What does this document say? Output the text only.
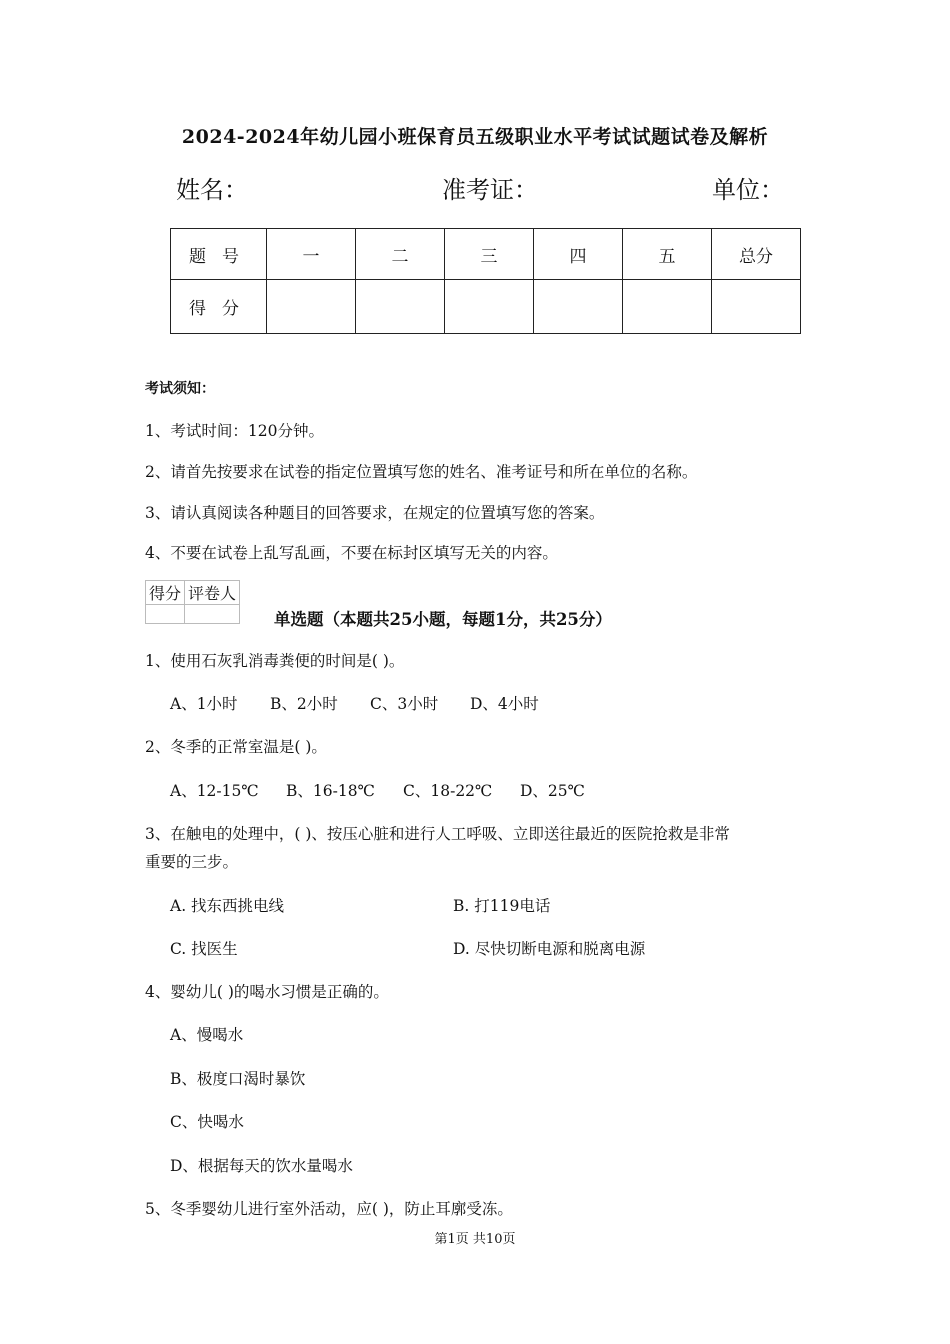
2024-2024年幼儿园小班保育员五级职业水平考试试题试卷及解析
姓名：	准考证：	单位：
题号	一	二	三	四	五	总分
得分						
考试须知：
1、考试时间：120分钟。
2、请首先按要求在试卷的指定位置填写您的姓名、准考证号和所在单位的名称。
3、请认真阅读各种题目的回答要求，在规定的位置填写您的答案。
4、不要在试卷上乱写乱画，不要在标封区填写无关的内容。
得分	评卷人

单选题（本题共25小题，每题1分，共25分）
1、使用石灰乳消毒粪便的时间是( )。
A、1小时 B、2小时 C、3小时 D、4小时
2、冬季的正常室温是( )。
A、12-15℃ B、16-18℃ C、18-22℃ D、25℃
3、在触电的处理中，( )、按压心脏和进行人工呼吸、立即送往最近的医院抢救是非常
重要的三步。
A. 找东西挑电线	B. 打119电话
C. 找医生	D. 尽快切断电源和脱离电源
4、婴幼儿( )的喝水习惯是正确的。
A、慢喝水
B、极度口渴时暴饮
C、快喝水
D、根据每天的饮水量喝水
5、冬季婴幼儿进行室外活动，应( )，防止耳廓受冻。
第1页 共10页
